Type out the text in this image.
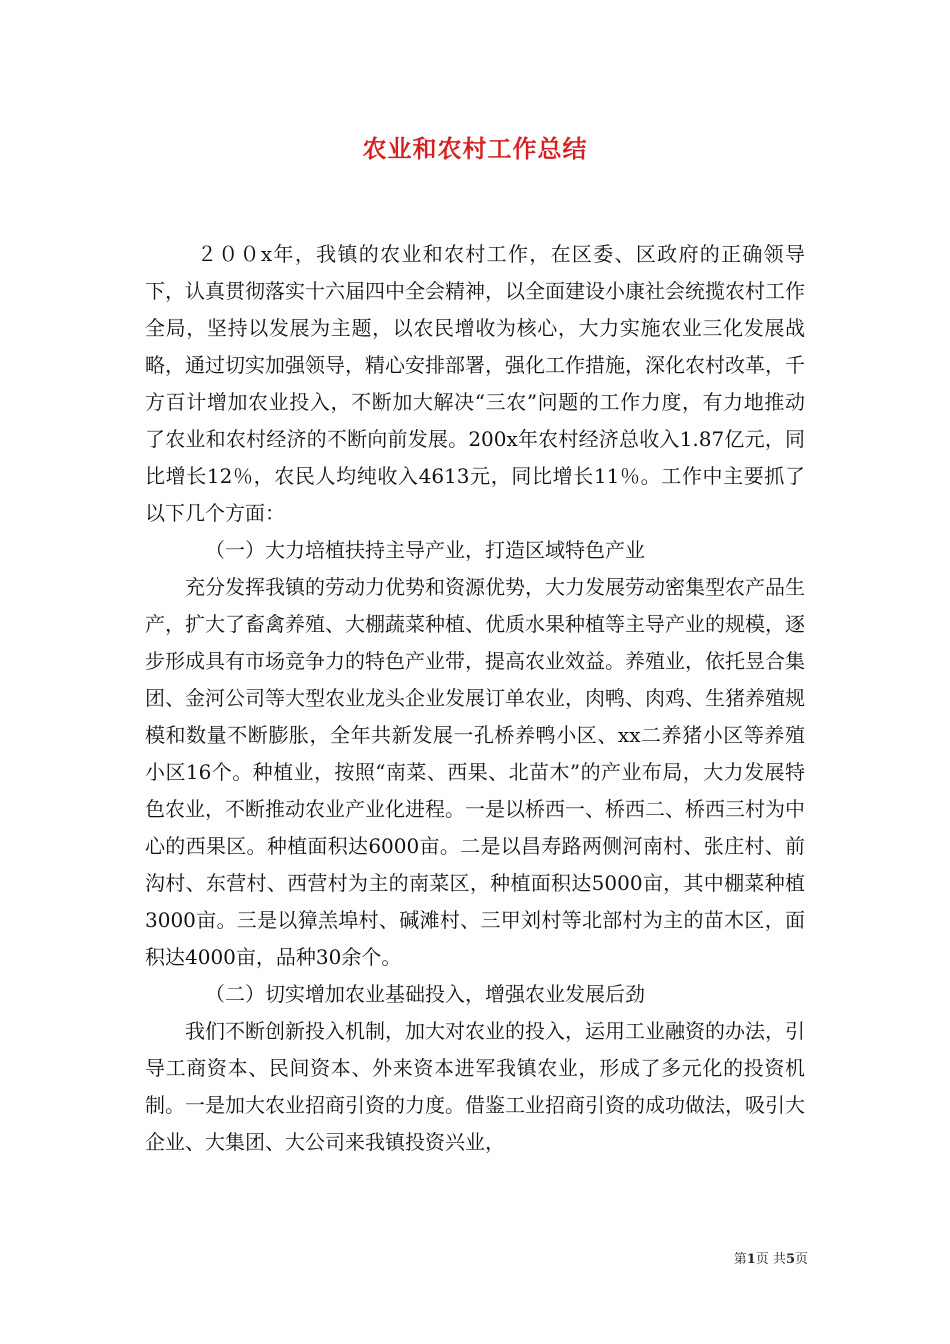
农业和农村工作总结

２００x年，我镇的农业和农村工作，在区委、区政府的正确领导下，认真贯彻落实十六届四中全会精神，以全面建设小康社会统揽农村工作全局，坚持以发展为主题，以农民增收为核心，大力实施农业三化发展战略，通过切实加强领导，精心安排部署，强化工作措施，深化农村改革，千方百计增加农业投入，不断加大解决“三农”问题的工作力度，有力地推动了农业和农村经济的不断向前发展。200x年农村经济总收入1.87亿元，同比增长12％，农民人均纯收入4613元，同比增长11％。工作中主要抓了以下几个方面：

（一）大力培植扶持主导产业，打造区域特色产业

充分发挥我镇的劳动力优势和资源优势，大力发展劳动密集型农产品生产，扩大了畜禽养殖、大棚蔬菜种植、优质水果种植等主导产业的规模，逐步形成具有市场竞争力的特色产业带，提高农业效益。养殖业，依托昱合集团、金河公司等大型农业龙头企业发展订单农业，肉鸭、肉鸡、生猪养殖规模和数量不断膨胀，全年共新发展一孔桥养鸭小区、xx二养猪小区等养殖小区16个。种植业，按照“南菜、西果、北苗木”的产业布局，大力发展特色农业，不断推动农业产业化进程。一是以桥西一、桥西二、桥西三村为中心的西果区。种植面积达6000亩。二是以昌寿路两侧河南村、张庄村、前沟村、东营村、西营村为主的南菜区，种植面积达5000亩，其中棚菜种植3000亩。三是以獐羔埠村、碱滩村、三甲刘村等北部村为主的苗木区，面积达4000亩，品种30余个。

（二）切实增加农业基础投入，增强农业发展后劲

我们不断创新投入机制，加大对农业的投入，运用工业融资的办法，引导工商资本、民间资本、外来资本进军我镇农业，形成了多元化的投资机制。一是加大农业招商引资的力度。借鉴工业招商引资的成功做法，吸引大企业、大集团、大公司来我镇投资兴业，

第1页 共5页
